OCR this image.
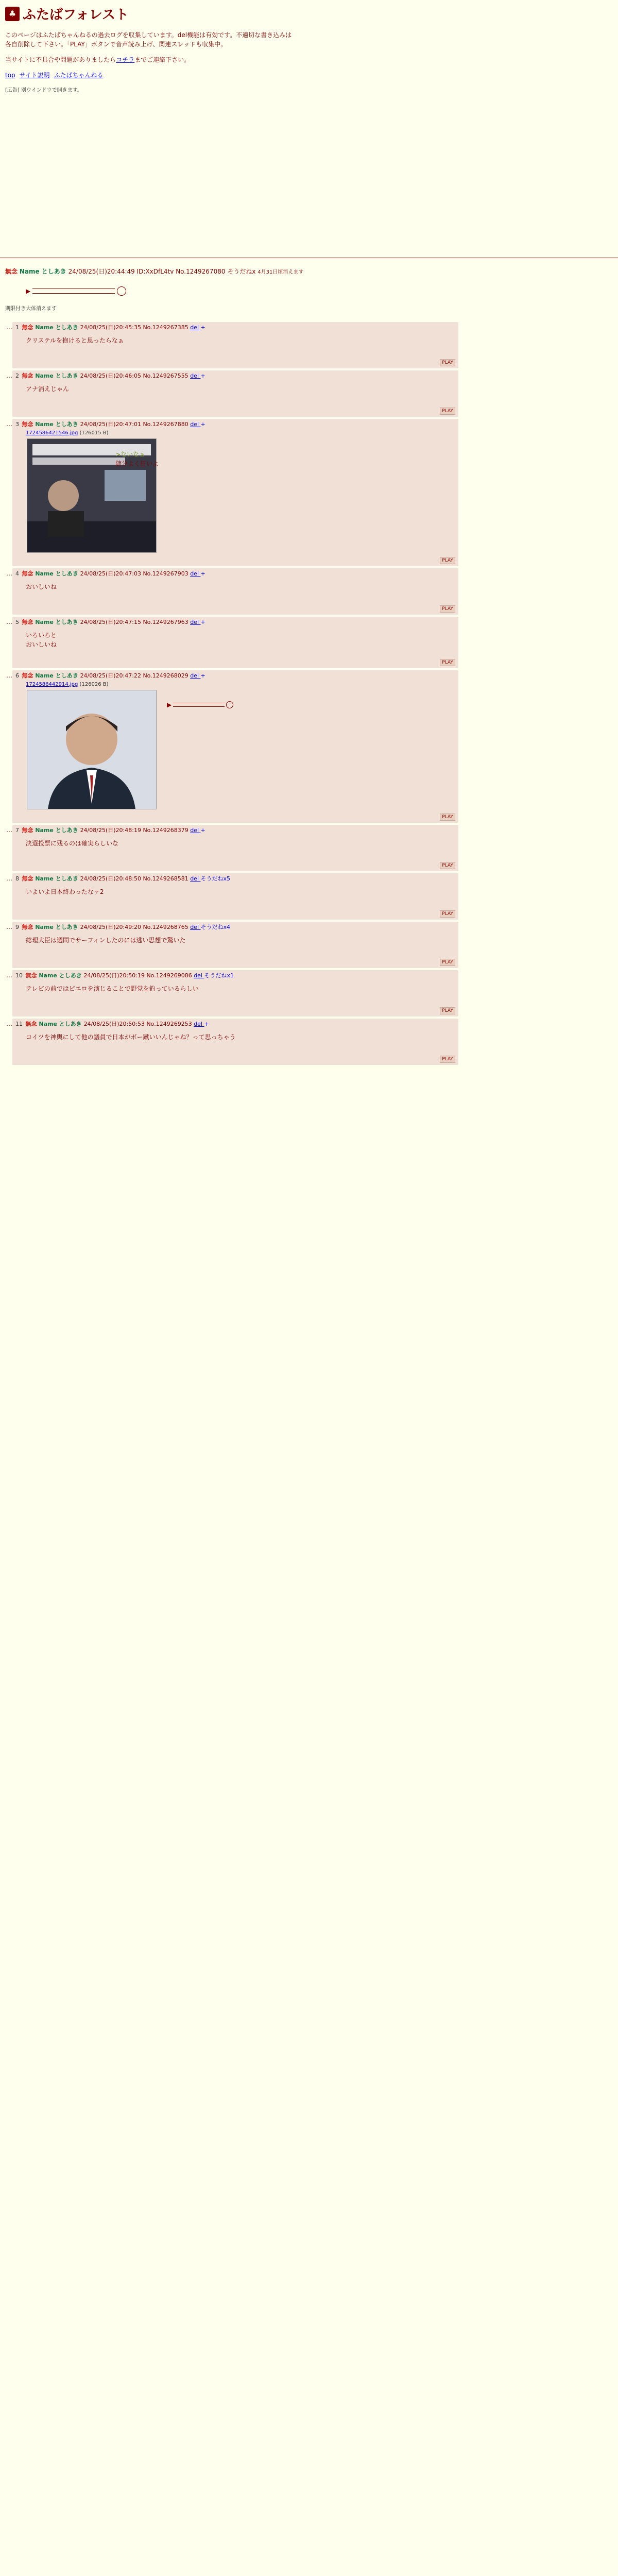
♣ ふたばフォレスト
このページはふたばちゃんねるの過去ログを収集しています。del機能は有効です。不適切な書き込みは各自削除して下さい。「PLAY」ボタンで音声読み上げ、関連スレッドも収集中。
当サイトに不具合や問題がありましたらコチラまでご連絡下さい。
top サイト説明 ふたばちゃんねる
[広告] 別ウインドウで開きます。
無念 Name としあき 24/08/25(日)20:44:49 ID:XxDfL4tv No.1249267080 そうだねx 4月31日頃消えます
▶
期限付き大体消えます
… 1 無念 Name としあき 24/08/25(日)20:45:35 No.1249267385 del +
クリステルを抱けると思ったらなぁ
PLAY
… 2 無念 Name としあき 24/08/25(日)20:46:05 No.1249267555 del +
アナ消えじゃん
PLAY
… 3 無念 Name としあき 24/08/25(日)20:47:01 No.1249267880 del +
1724586421546.jpg (126015 B)
>ないなぁ
随分よく狂いよ
PLAY
… 4 無念 Name としあき 24/08/25(日)20:47:03 No.1249267903 del +
おいしいね
PLAY
… 5 無念 Name としあき 24/08/25(日)20:47:15 No.1249267963 del +
いろいろと
おいしいね
PLAY
… 6 無念 Name としあき 24/08/25(日)20:47:22 No.1249268029 del +
1724586442914.jpg (126026 B)
▶
PLAY
… 7 無念 Name としあき 24/08/25(日)20:48:19 No.1249268379 del +
決選投票に残るのは確実らしいな
PLAY
… 8 無念 Name としあき 24/08/25(日)20:48:50 No.1249268581 del そうだねx5
いよいよ日本終わったなァ2
PLAY
… 9 無念 Name としあき 24/08/25(日)20:49:20 No.1249268765 del そうだねx4
総理大臣は週間でサーフィンしたのには逃い思想で驚いた
PLAY
… 10 無念 Name としあき 24/08/25(日)20:50:19 No.1249269086 del そうだねx1
テレビの前ではピエロを演じることで野党を釣っているらしい
PLAY
… 11 無念 Name としあき 24/08/25(日)20:50:53 No.1249269253 del +
コイツを神輿にして他の議員で日本がボー蹴いいんじゃね？って思っちゃう
PLAY
